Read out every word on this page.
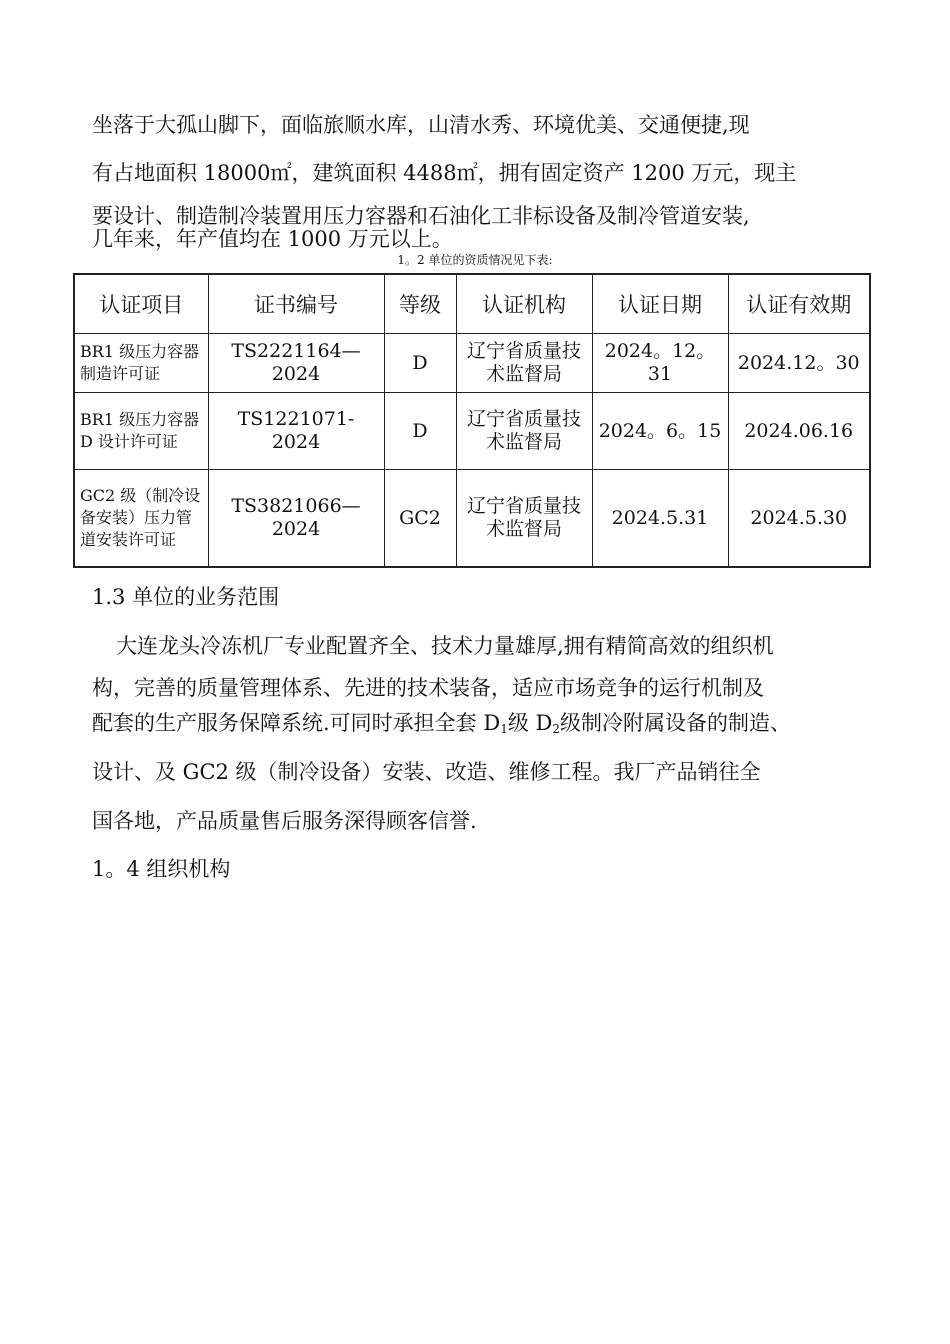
坐落于大孤山脚下，面临旅顺水库，山清水秀、环境优美、交通便捷,现
有占地面积 18000㎡，建筑面积 4488㎡，拥有固定资产 1200 万元，现主
要设计、制造制冷装置用压力容器和石油化工非标设备及制冷管道安装,
几年来，年产值均在 1000 万元以上。
1。2 单位的资质情况见下表:
认证项目	证书编号	等级	认证机构	认证日期	认证有效期
BR1 级压力容器制造许可证	TS2221164—2024	D	辽宁省质量技术监督局	2024。12。31	2024.12。30
BR1 级压力容器 D 设计许可证	TS1221071-2024	D	辽宁省质量技术监督局	2024。6。15	2024.06.16
GC2 级（制冷设备安装）压力管道安装许可证	TS3821066—2024	GC2	辽宁省质量技术监督局	2024.5.31	2024.5.30
1.3 单位的业务范围
大连龙头冷冻机厂专业配置齐全、技术力量雄厚,拥有精简高效的组织机
构，完善的质量管理体系、先进的技术装备，适应市场竞争的运行机制及
配套的生产服务保障系统.可同时承担全套 $D_1$级 $D_2$级制冷附属设备的制造、
设计、及 GC2 级（制冷设备）安装、改造、维修工程。我厂产品销往全
国各地，产品质量售后服务深得顾客信誉.
1。4 组织机构
